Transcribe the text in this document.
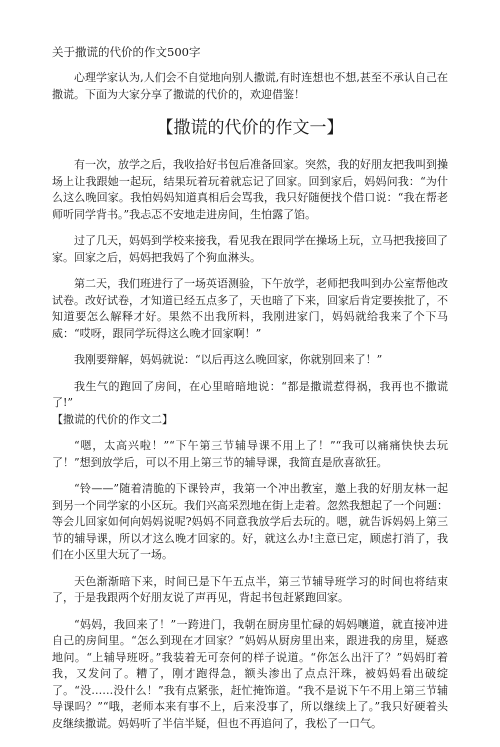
关于撒谎的代价的作文500字

心理学家认为,人们会不自觉地向别人撒谎,有时连想也不想,甚至不承认自己在撒谎。下面为大家分享了撒谎的代价的，欢迎借鉴！

【撒谎的代价的作文一】

有一次，放学之后，我收拾好书包后准备回家。突然，我的好朋友把我叫到操场上让我跟她一起玩，结果玩着玩着就忘记了回家。回到家后，妈妈问我：“为什么这么晚回家。我怕妈妈知道真相后会骂我，我只好随便找个借口说：“我在帮老师听同学背书。”我忐忑不安地走进房间，生怕露了馅。

过了几天，妈妈到学校来接我，看见我在跟同学在操场上玩，立马把我接回了家。回家之后，妈妈把我妈了个狗血淋头。

第二天，我们班进行了一场英语测验，下午放学，老师把我叫到办公室帮他改试卷。改好试卷，才知道已经五点多了，天也暗了下来，回家后肯定要挨批了，不知道要怎么解释才好。果然不出我所料，我刚进家门，妈妈就给我来了个下马威：“哎呀，跟同学玩得这么晚才回家啊！”

我刚要辩解，妈妈就说：“以后再这么晚回家，你就别回来了！”

我生气的跑回了房间，在心里暗暗地说：“都是撒谎惹得祸，我再也不撒谎了!”

【撒谎的代价的作文二】

“嗯，太高兴啦！”“下午第三节辅导课不用上了！”“我可以痛痛快快去玩了！”想到放学后，可以不用上第三节的辅导课，我简直是欣喜欲狂。

“铃——”随着清脆的下课铃声，我第一个冲出教室，邀上我的好朋友林一起到另一个同学家的小区玩。我们兴高采烈地在街上走着。忽然我想起了一个问题：等会儿回家如何向妈妈说呢?妈妈不同意我放学后去玩的。嗯，就告诉妈妈上第三节的辅导课，所以才这么晚才回家的。好，就这么办!主意已定，顾虑打消了，我们在小区里大玩了一场。

天色渐渐暗下来，时间已是下午五点半，第三节辅导班学习的时间也将结束了，于是我跟两个好朋友说了声再见，背起书包赶紧跑回家。

“妈妈，我回来了！”一跨进门，我朝在厨房里忙碌的妈妈嚷道，就直接冲进自己的房间里。“怎么到现在才回家？”妈妈从厨房里出来，跟进我的房里，疑惑地问。“上辅导班呀。”我装着无可奈何的样子说道。“你怎么出汗了？”妈妈盯着我，又发问了。糟了，刚才跑得急，额头渗出了点点汗珠，被妈妈看出破绽了。“没……没什么！”我有点紧张，赶忙掩饰道。“我不是说下午不用上第三节辅导课吗？”“哦，老师本来有事不上，后来没事了，所以继续上了。”我只好硬着头皮继续撒谎。妈妈听了半信半疑，但也不再追问了，我松了一口气。
